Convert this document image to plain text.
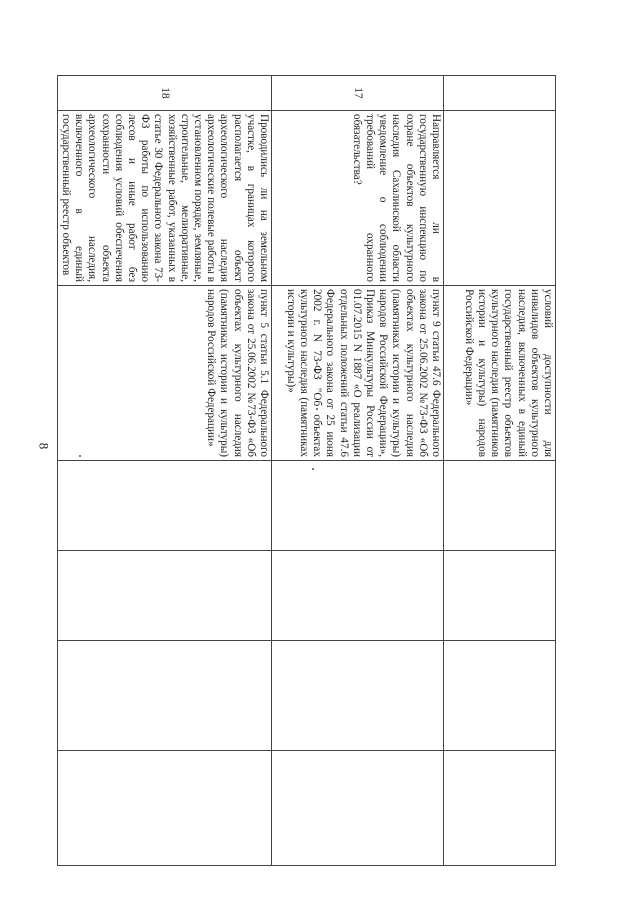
8
			условий доступности для инвалидов объектов культурного наследия, включенных в единый государственный реестр объектов культурного наследия (памятников истории и культуры) народов Российской Федерации»				
17	Направляется ли в государственную инспекцию по охране объектов культурного наследия Сахалинской области уведомление о соблюдении требований охранного обязательства?	пункт 9 статьи 47.6 Федерального закона от 25.06.2002 №73-ФЗ «Об объектах культурного наследия (памятниках истории и культуры) народов Российской Федерации», Приказ Минкультуры России от 01.07.2015 N 1887 «О реализации отдельных положений статьи 47.6 Федерального закона от 25 июня 2002 г. N 73-ФЗ "Об объектах культурного наследия (памятниках истории и культуры)»				
18	Проводились ли на земельном участке, в границах которого располагается объект археологического наследия археологические полевые работы в установленном порядке, земляные, строительные, мелиоративные, хозяйственные работ, указанных в статье 30 Федерального закона 73-ФЗ работы по использованию лесов и иные работ без соблюдения условий обеспечения сохранности объекта археологического наследия, включенного в единый государственный реестр объектов	пункт 5 статьи 5.1 Федерального закона от 25.06.2002 №73-ФЗ «Об объектах культурного наследия (памятниках истории и культуры) народов Российской Федерации»				
